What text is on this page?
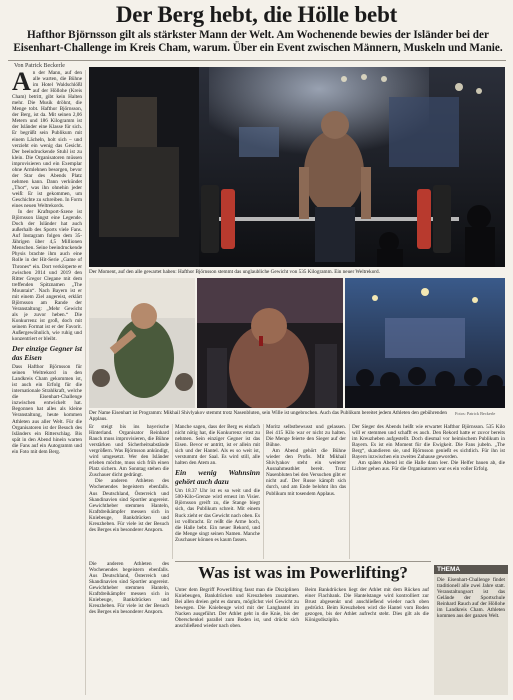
Der Berg hebt, die Hölle bebt
Hafthor Björnsson gilt als stärkster Mann der Welt. Am Wochenende bewies der Isländer bei der Eisenhart-Challenge im Kreis Cham, warum. Über ein Event zwischen Männern, Muskeln und Manie.
Von Patrick Beckerle

An der Mann, auf den alle warten, die Bühne im Hotel Waldschlößl auf der Höllohe (Kreis Cham) betritt, gibt kein Halten mehr. Die Musik dröhnt, die Menge tobt. Hafthor Björnsson, der Berg, ist da. Mit seinen 2,06 Metern und 186 Kilogramm ist der Isländer eine Klasse für sich. Er begrüßt sein Publikum mit einem Lächeln, holt sich – und verzieht ein wenig das Gesicht. Der beeindruckende Stuhl ist zu klein. Die Organisatoren müssen improvisieren und ein Exemplar ohne Armlehnen besorgen, bevor der Star des Abends Platz nehmen kann. Dann verkündet „Thor“, was ihn ohnehin jeder weiß: Er ist gekommen, um Geschichte zu schreiben. In Form eines neuen Weltrekords.

In der Kraftsport-Szene ist Björnsson längst eine Legende. Doch der Isländer hat auch außerhalb des Sports viele Fans. Auf Instagram folgen dem 35-Jährigen über 4,5 Millionen Menschen. Seine beeindruckende Physis brachte ihm auch eine Rolle in der Hit-Serie „Game of Thrones“ ein. Dort verkörperte er zwischen 2014 und 2019 den Ritter Gregor Clegane mit dem treffenden Spitznamen „The Mountain“. Nach Bayern ist er mit einem Ziel angereist, erklärt Björnsson am Rande der Veranstaltung: „Mehr Gewicht als je zuvor heben.“ Die Konkurrenz ist groß, doch mit seinem Format ist er der Favorit. Außergewöhnlich, wie ruhig und konzentriert er bleibt.

Der einzige Gegner ist das Eisen

Dass Hafthor Björnsson für seinen Weltrekord in den Landkreis Cham gekommen ist, ist auch ein Erfolg für die internationale Strahlkraft, welche die Eisenhart-Challenge inzwischen entwickelt hat. Begonnen hat alles als kleine Veranstaltung, heute kommen Athleten aus aller Welt. Für die Organisatoren ist der Besuch des Isländers ein Ritterschlag. Bis spät in den Abend hinein warten die Fans auf ein Autogramm und ein Foto mit dem Berg.

Der Moment, auf den alle gewartet haben: Hafthor Björnsson stemmt das unglaubliche Gewicht von 535 Kilogramm. Ein neuer Weltrekord.
Der Name Eisenhart ist Programm: Mikhail Shivlyakov stemmt trotz Nasenbluten, sein Wille ist ungebrochen. Auch das Publikum bereitet jedem Athleten den gebührenden Applaus.
Fotos: Patrick Beckerle

Er steigt bis ins bayerische Hinterland. Organisator Reinhard Rauch muss improvisieren, die Bühne verstärken und Sicherheitsabstände vergrößern. Was Björnsson ankündigt, wird umgesetzt. Wer den Isländer erleben möchte, muss sich früh einen Platz sichern. Am Sonntag stehen die Zuschauer dicht gedrängt.

Die anderen Athleten des Wochenendes begeistern ebenfalls. Aus Deutschland, Österreich und Skandinavien sind Sportler angereist. Gewichtheber stemmen Hanteln, Kraftdreikämpfer messen sich in Kniebeuge, Bankdrücken und Kreuzheben. Für viele ist der Besuch des Berges ein besonderer Ansporn.

Manche sagen, dass der Berg es einfach nicht nötig hat, die Konkurrenz ernst zu nehmen. Sein einziger Gegner ist das Eisen. Bevor er antritt, ist er allein mit sich und der Hantel. Als es so weit ist, verstummt der Saal. Es wird still, alle halten den Atem an.

Ein wenig Wahnsinn gehört auch dazu

Um 18.37 Uhr ist es so weit und die 500-Kilo-Grenze wird erneut im Visier. Björnsson greift zu, die Stange biegt sich, das Publikum schreit. Mit einem Ruck zieht er das Gewicht nach oben. Es ist vollbracht. Er reißt die Arme hoch, die Halle bebt. Ein neuer Rekord, und die Menge singt seinen Namen. Manche Zuschauer können es kaum fassen.

Moritz selbstbewusst und gelassen. Bei 415 Kilo war er nicht zu halten. Die Menge feierte den Sieger auf der Bühne.

Am Abend gehört die Bühne wieder den Profis. Mit Mikhail Shivlyakov steht ein weiterer Ausnahmeathlet bereit. Trotz Nasenbluten bei den Versuchen gibt er nicht auf. Der Russe kämpft sich durch, und am Ende belohnt ihn das Publikum mit tosendem Applaus.

Der Sieger des Abends heißt wie erwartet Hafthor Björnsson. 535 Kilo will er stemmen und schafft es auch. Den Rekord hatte er zuvor bereits im Kreuzheben aufgestellt. Doch diesmal vor heimischem Publikum in Bayern. Es ist ein Moment für die Ewigkeit. Die Fans jubeln. „The Berg“, skandieren sie, und Björnsson genießt es sichtlich. Für ihn ist Bayern inzwischen ein zweites Zuhause geworden.

Am späten Abend ist die Halle dann leer. Die Helfer bauen ab, die Lichter gehen aus. Für die Organisatoren war es ein voller Erfolg.

Was ist was im Powerlifting?

Unter dem Begriff Powerlifting fasst man die Disziplinen Kniebeugen, Bankdrücken und Kreuzheben zusammen. Bei allen dreien geht es darum, möglichst viel Gewicht zu bewegen. Die Kniebeuge wird mit der Langhantel im Nacken ausgeführt. Der Athlet geht in die Knie, bis der Oberschenkel parallel zum Boden ist, und drückt sich anschließend wieder nach oben.

Beim Bankdrücken liegt der Athlet mit dem Rücken auf einer Flachbank. Die Hantelstange wird kontrolliert zur Brust abgesenkt und anschließend wieder nach oben gedrückt. Beim Kreuzheben wird die Hantel vom Boden gezogen, bis der Athlet aufrecht steht. Dies gilt als die Königsdisziplin.

Die anderen Athleten des Wochenendes begeistern ebenfalls. Aus Deutschland, Österreich und Skandinavien sind Sportler angereist. Gewichtheber stemmen Hanteln, Kraftdreikämpfer messen sich in Kniebeuge, Bankdrücken und Kreuzheben. Für viele ist der Besuch des Berges ein besonderer Ansporn.

THEMA
Die Eisenhart-Challenge findet traditionell alle zwei Jahre statt. Veranstaltungsort ist das Gelände der Sportschule Reinhard Rauch auf der Höllohe im Landkreis Cham. Athleten kommen aus der ganzen Welt.
